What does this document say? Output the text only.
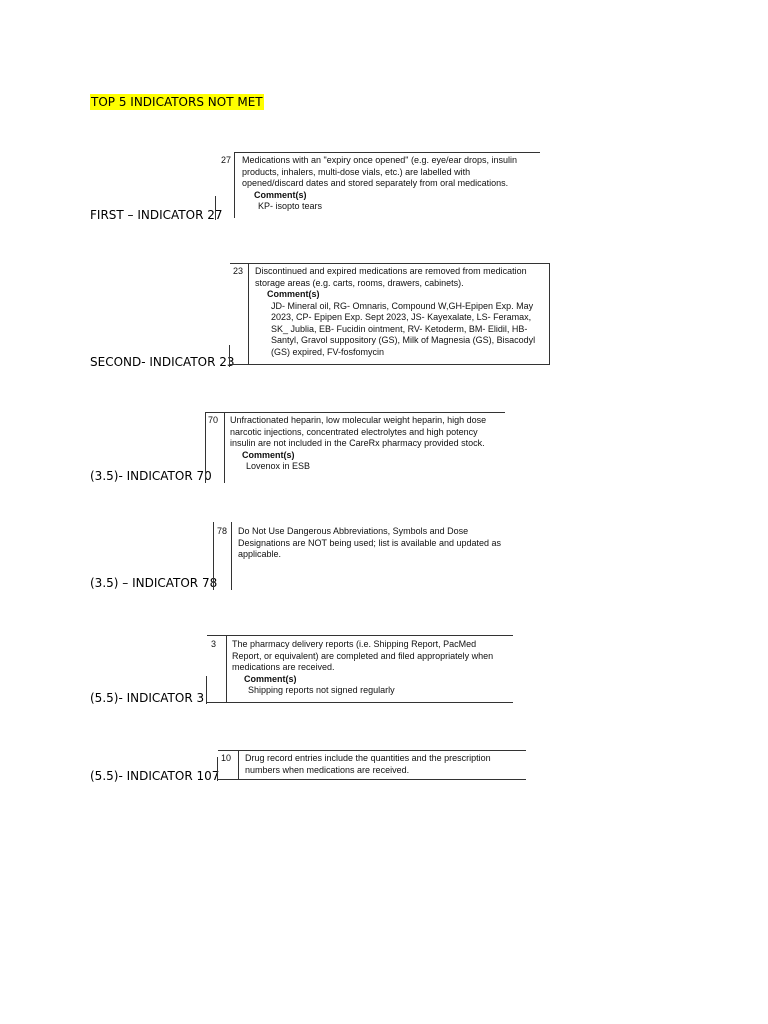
TOP 5 INDICATORS NOT MET
FIRST – INDICATOR 27
27 Medications with an "expiry once opened" (e.g. eye/ear drops, insulin products, inhalers, multi-dose vials, etc.) are labelled with opened/discard dates and stored separately from oral medications.

Comment(s)

KP- isopto tears

SECOND- INDICATOR 23
23 Discontinued and expired medications are removed from medication storage areas (e.g. carts, rooms, drawers, cabinets).

Comment(s)

JD- Mineral oil, RG- Omnaris, Compound W,GH-Epipen Exp. May 2023, CP- Epipen Exp. Sept 2023, JS- Kayexalate, LS- Feramax, SK_ Jublia, EB- Fucidin ointment, RV- Ketoderm, BM- Elidil, HB-Santyl, Gravol suppository (GS), Milk of Magnesia (GS), Bisacodyl (GS) expired, FV-fosfomycin

(3.5)- INDICATOR 70
70 Unfractionated heparin, low molecular weight heparin, high dose narcotic injections, concentrated electrolytes and high potency insulin are not included in the CareRx pharmacy provided stock.

Comment(s)

Lovenox in ESB

(3.5) – INDICATOR 78
78 Do Not Use Dangerous Abbreviations, Symbols and Dose Designations are NOT being used; list is available and updated as applicable.

(5.5)- INDICATOR 3
▔▔▔▔▔▔
3 The pharmacy delivery reports (i.e. Shipping Report, PacMed Report, or equivalent) are completed and filed appropriately when medications are received.

Comment(s)

Shipping reports not signed regularly

(5.5)- INDICATOR 107
▔▔▔▔▔
10 Drug record entries include the quantities and the prescription numbers when medications are received.
